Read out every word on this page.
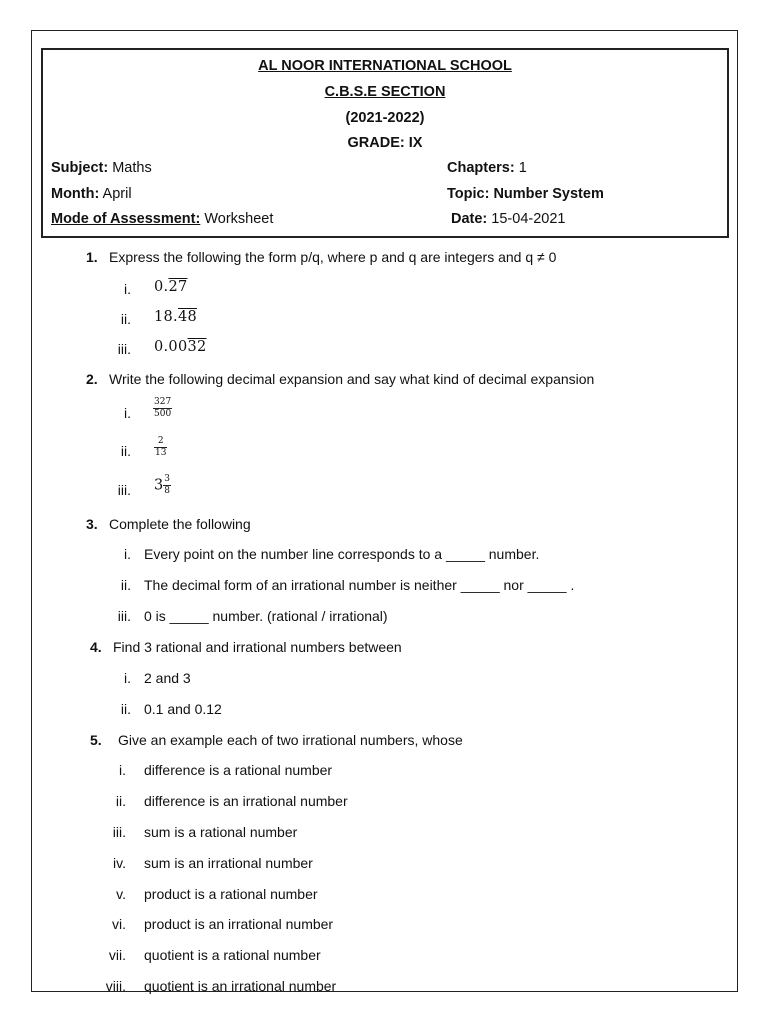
AL NOOR INTERNATIONAL SCHOOL
C.B.S.E SECTION
(2021-2022)
GRADE: IX
Subject: Maths
Month: April
Mode of Assessment: Worksheet
Chapters: 1
Topic: Number System
Date: 15-04-2021
1. Express the following the form p/q, where p and q are integers and q ≠ 0
i. 0.27
ii. 18.48
iii. 0.0032
2. Write the following decimal expansion and say what kind of decimal expansion
i. $\frac{327}{500}$
ii.	$\frac{2}{13}$
iii. $3 \frac{3}{8}$
3. Complete the following
i. Every point on the number line corresponds to a _____ number.
ii. The decimal form of an irrational number is neither _____ nor _____ .
iii. 0 is _____ number. (rational / irrational)
4. Find 3 rational and irrational numbers between
i. 2 and 3
ii. 0.1 and 0.12
5. Give an example each of two irrational numbers, whose
i. difference is a rational number
ii. difference is an irrational number
iii. sum is a rational number
iv. sum is an irrational number
v. product is a rational number
vi. product is an irrational number
vii. quotient is a rational number
viii. quotient is an irrational number
